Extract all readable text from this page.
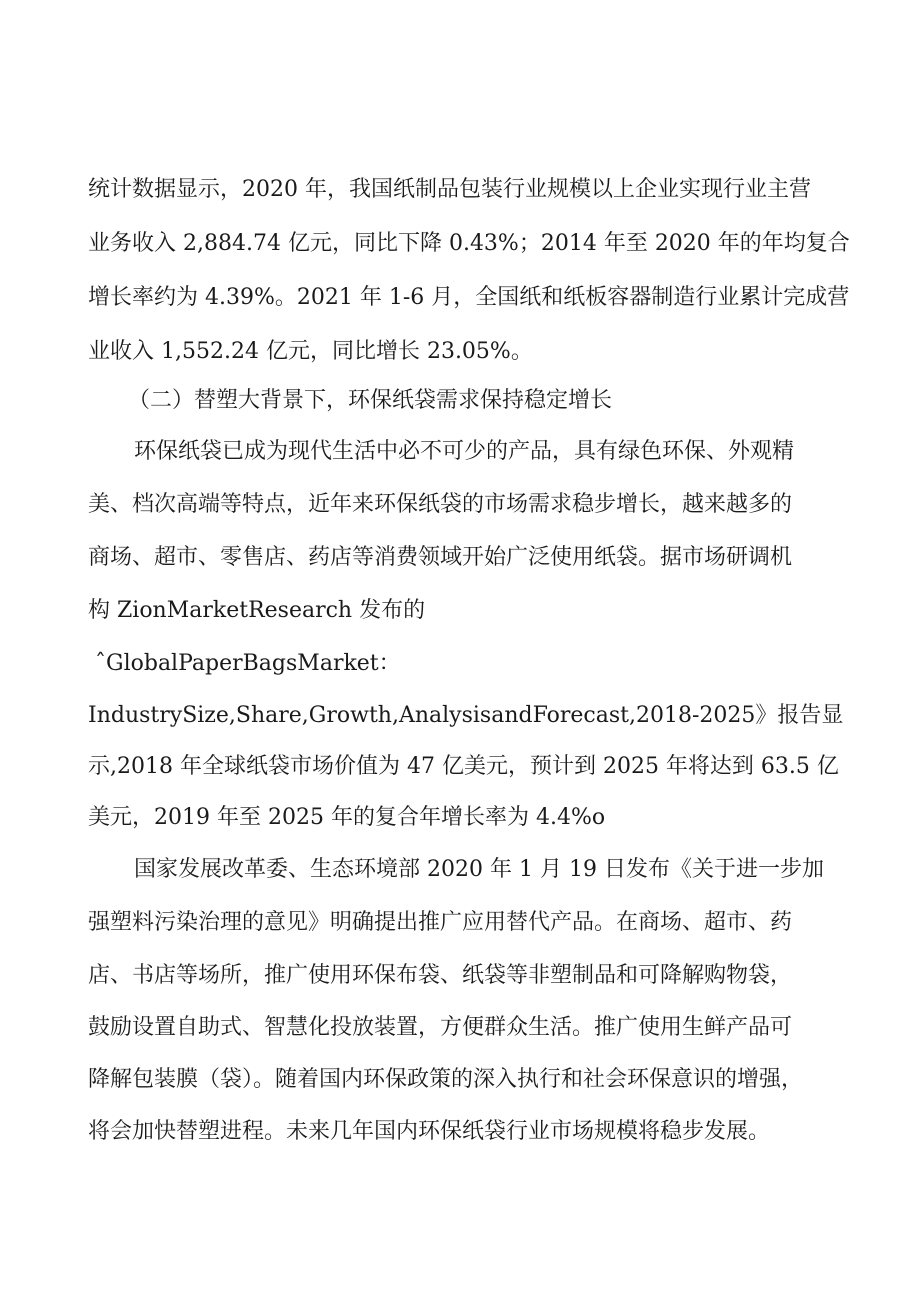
统计数据显示，2020 年，我国纸制品包装行业规模以上企业实现行业主营
业务收入 2,884.74 亿元，同比下降 0.43%；2014 年至 2020 年的年均复合
增长率约为 4.39%。2021 年 1-6 月，全国纸和纸板容器制造行业累计完成营
业收入 1,552.24 亿元，同比增长 23.05%。
（二）替塑大背景下，环保纸袋需求保持稳定增长
环保纸袋已成为现代生活中必不可少的产品，具有绿色环保、外观精
美、档次高端等特点，近年来环保纸袋的市场需求稳步增长，越来越多的
商场、超市、零售店、药店等消费领域开始广泛使用纸袋。据市场研调机
构 ZionMarketResearch 发布的
ˆGlobalPaperBagsMarket：
IndustrySize,Share,Growth,AnalysisandForecast,2018-2025》报告显
示,2018 年全球纸袋市场价值为 47 亿美元，预计到 2025 年将达到 63.5 亿
美元，2019 年至 2025 年的复合年增长率为 4.4%o
国家发展改革委、生态环境部 2020 年 1 月 19 日发布《关于进一步加
强塑料污染治理的意见》明确提出推广应用替代产品。在商场、超市、药
店、书店等场所，推广使用环保布袋、纸袋等非塑制品和可降解购物袋，
鼓励设置自助式、智慧化投放装置，方便群众生活。推广使用生鲜产品可
降解包装膜（袋）。随着国内环保政策的深入执行和社会环保意识的增强，
将会加快替塑进程。未来几年国内环保纸袋行业市场规模将稳步发展。
